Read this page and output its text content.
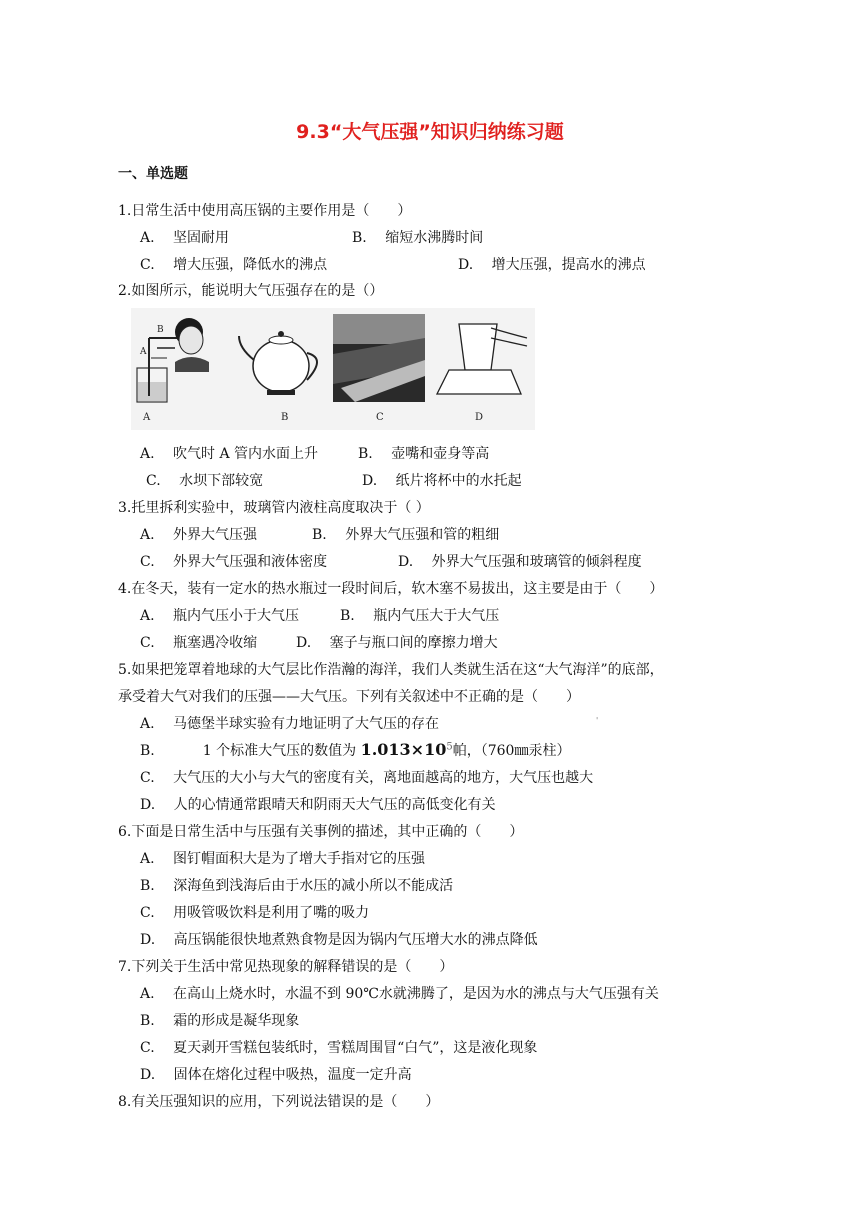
9.3“大气压强”知识归纳练习题
一、单选题
1.日常生活中使用高压锅的主要作用是（　　）
A.　 坚固耐用	B.　 缩短水沸腾时间
C.　 增大压强，降低水的沸点	D.　 增大压强，提高水的沸点
2.如图所示，能说明大气压强存在的是（）
B
A
A	B	C	D
A.　 吹气时 A 管内水面上升	B.　 壶嘴和壶身等高
C.　 水坝下部较宽	D.　 纸片将杯中的水托起
3.托里拆利实验中，玻璃管内液柱高度取决于（ ）
A.　 外界大气压强	B.　 外界大气压强和管的粗细
C.　 外界大气压强和液体密度	D.　 外界大气压强和玻璃管的倾斜程度
4.在冬天，装有一定水的热水瓶过一段时间后，软木塞不易拔出，这主要是由于（　　）
A.　 瓶内气压小于大气压	B.　 瓶内气压大于大气压
C.　 瓶塞遇冷收缩	D.　 塞子与瓶口间的摩擦力增大
5.如果把笼罩着地球的大气层比作浩瀚的海洋，我们人类就生活在这“大气海洋”的底部，
承受着大气对我们的压强——大气压。下列有关叙述中不正确的是（　　）
A.　 马德堡半球实验有力地证明了大气压的存在	'
B.	1 个标准大气压的数值为 $1.013\times 10^5$帕，（760㎜汞柱）
C.　 大气压的大小与大气的密度有关，离地面越高的地方，大气压也越大
D.　 人的心情通常跟晴天和阴雨天大气压的高低变化有关
6.下面是日常生活中与压强有关事例的描述，其中正确的（　　）
A.　 图钉帽面积大是为了增大手指对它的压强
B.　 深海鱼到浅海后由于水压的减小所以不能成活
C.　 用吸管吸饮料是利用了嘴的吸力
D.　 高压锅能很快地煮熟食物是因为锅内气压增大水的沸点降低
7.下列关于生活中常见热现象的解释错误的是（　　）
A.　 在高山上烧水时，水温不到 90℃水就沸腾了，是因为水的沸点与大气压强有关
B.　 霜的形成是凝华现象
C.　 夏天剥开雪糕包装纸时，雪糕周围冒“白气”，这是液化现象
D.　 固体在熔化过程中吸热，温度一定升高
8.有关压强知识的应用，下列说法错误的是（　　）
